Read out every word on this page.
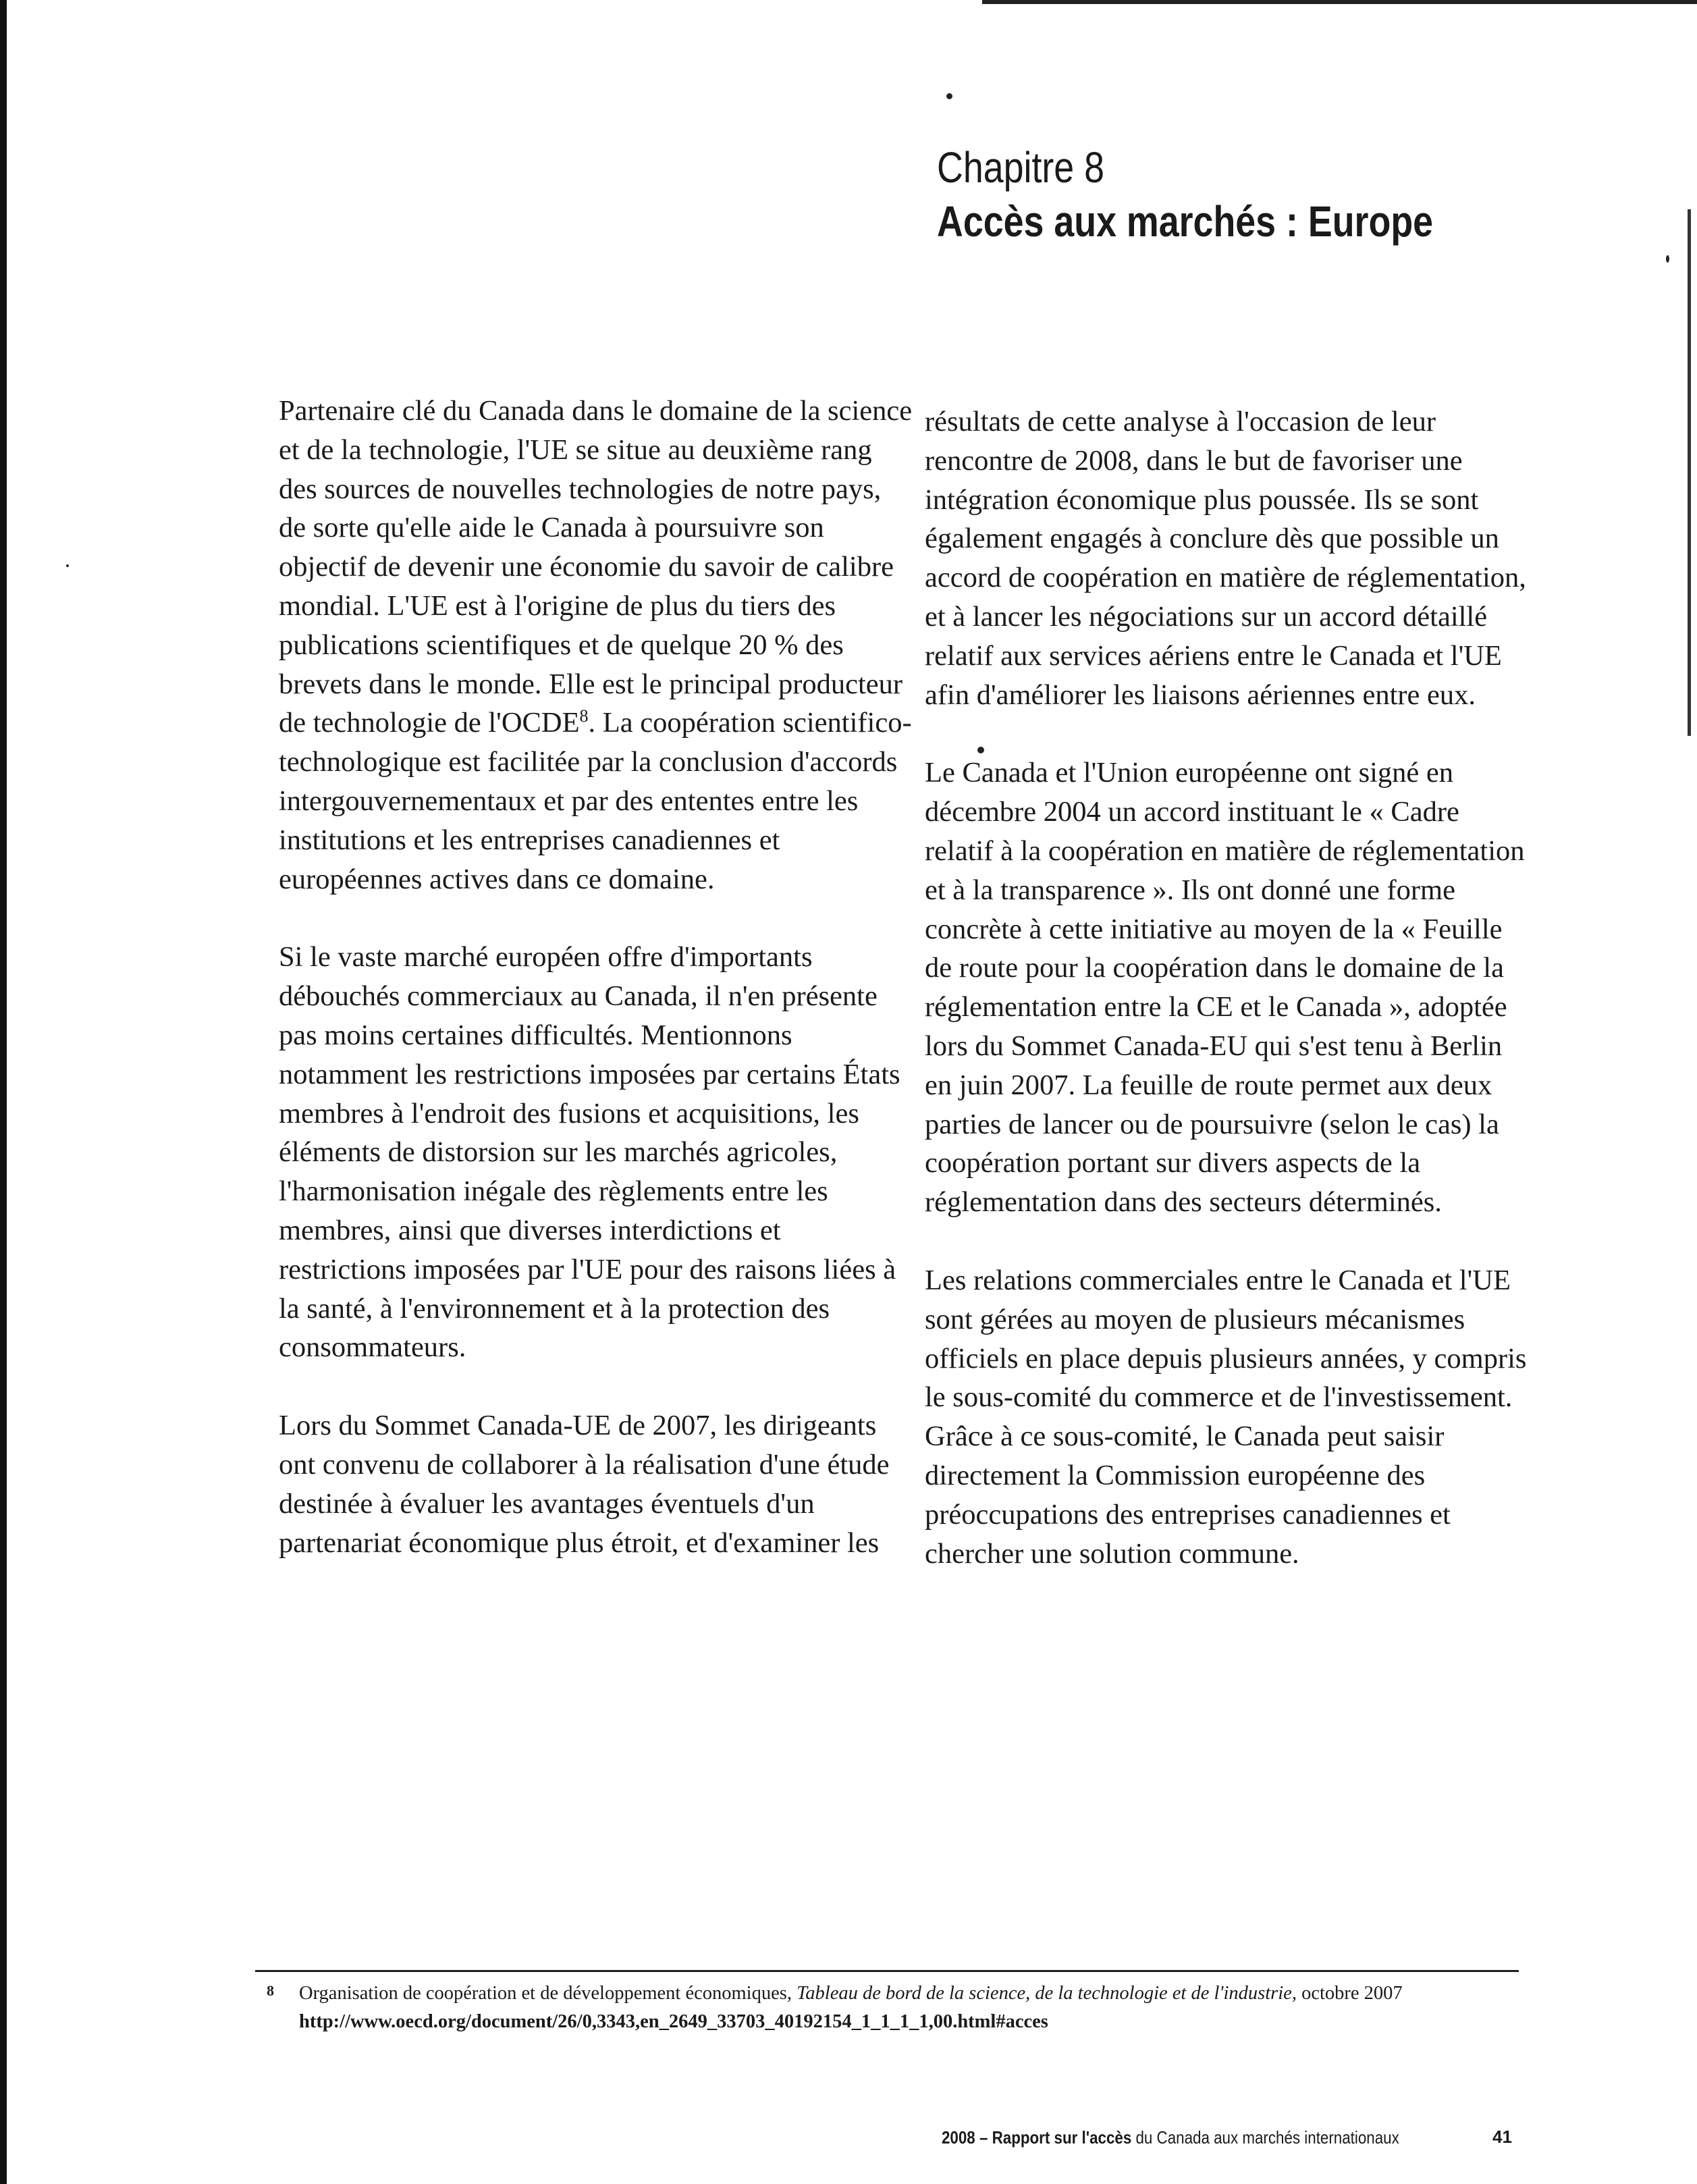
Chapitre 8
Accès aux marchés : Europe

Partenaire clé du Canada dans le domaine de la science et de la technologie, l'UE se situe au deuxième rang des sources de nouvelles technologies de notre pays, de sorte qu'elle aide le Canada à poursuivre son objectif de devenir une économie du savoir de calibre mondial. L'UE est à l'origine de plus du tiers des publications scientifiques et de quelque 20 % des brevets dans le monde. Elle est le principal producteur de technologie de l'OCDE$^8$. La coopération scientifico-technologique est facilitée par la conclusion d'accords intergouvernementaux et par des ententes entre les institutions et les entreprises canadiennes et européennes actives dans ce domaine.

Si le vaste marché européen offre d'importants débouchés commerciaux au Canada, il n'en présente pas moins certaines difficultés. Mentionnons notamment les restrictions imposées par certains États membres à l'endroit des fusions et acquisitions, les éléments de distorsion sur les marchés agricoles, l'harmonisation inégale des règlements entre les membres, ainsi que diverses interdictions et restrictions imposées par l'UE pour des raisons liées à la santé, à l'environnement et à la protection des consommateurs.

Lors du Sommet Canada-UE de 2007, les dirigeants ont convenu de collaborer à la réalisation d'une étude destinée à évaluer les avantages éventuels d'un partenariat économique plus étroit, et d'examiner les

résultats de cette analyse à l'occasion de leur rencontre de 2008, dans le but de favoriser une intégration économique plus poussée. Ils se sont également engagés à conclure dès que possible un accord de coopération en matière de réglementation, et à lancer les négociations sur un accord détaillé relatif aux services aériens entre le Canada et l'UE afin d'améliorer les liaisons aériennes entre eux.

Le Canada et l'Union européenne ont signé en décembre 2004 un accord instituant le « Cadre relatif à la coopération en matière de réglementation et à la transparence ». Ils ont donné une forme concrète à cette initiative au moyen de la « Feuille de route pour la coopération dans le domaine de la réglementation entre la CE et le Canada », adoptée lors du Sommet Canada-EU qui s'est tenu à Berlin en juin 2007. La feuille de route permet aux deux parties de lancer ou de poursuivre (selon le cas) la coopération portant sur divers aspects de la réglementation dans des secteurs déterminés.

Les relations commerciales entre le Canada et l'UE sont gérées au moyen de plusieurs mécanismes officiels en place depuis plusieurs années, y compris le sous-comité du commerce et de l'investissement. Grâce à ce sous-comité, le Canada peut saisir directement la Commission européenne des préoccupations des entreprises canadiennes et chercher une solution commune.

8 Organisation de coopération et de développement économiques, Tableau de bord de la science, de la technologie et de l'industrie, octobre 2007 http://www.oecd.org/document/26/0,3343,en_2649_33703_40192154_1_1_1_1,00.html#acces
2008 – Rapport sur l'accès du Canada aux marchés internationaux	41
